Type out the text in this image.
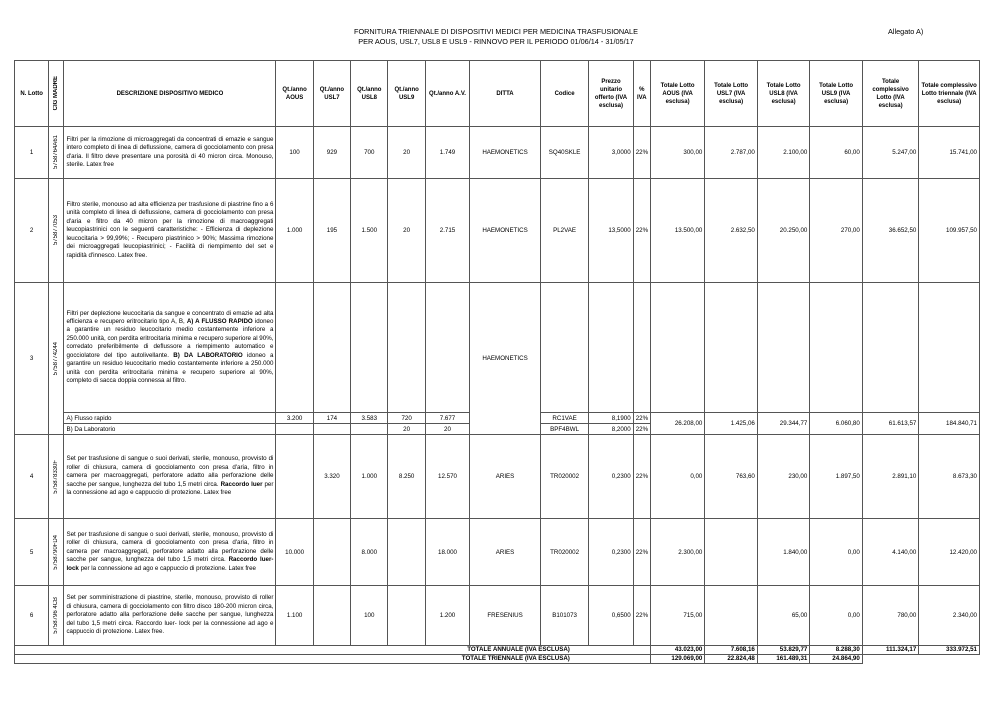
FORNITURA TRIENNALE DI DISPOSITIVI MEDICI PER MEDICINA TRASFUSIONALE
PER AOUS, USL7, USL8 E USL9 - RINNOVO PER IL PERIODO 01/06/14 - 31/05/17
Allegato A)
N. Lotto	CIG MADRE	DESCRIZIONE DISPOSITIVO MEDICO	Qt./anno AOUS	Qt./anno USL7	Qt./anno USL8	Qt./anno USL9	Qt./anno A.V.	DITTA	Codice	Prezzo unitario offerto (IVA esclusa)	% IVA	Totale Lotto AOUS (IVA esclusa)	Totale Lotto USL7 (IVA esclusa)	Totale Lotto USL8 (IVA esclusa)	Totale Lotto USL9 (IVA esclusa)	Totale complessivo Lotto (IVA esclusa)	Totale complessivo Lotto triennale (IVA esclusa)
1	5758764A61	Filtri per la rimozione di microaggregati da concentrati di emazie e sangue intero completo di linea di deflussione, camera di gocciolamento con presa d'aria. Il filtro deve presentare una porosità di 40 micron circa. Monouso, sterile. Latex free	100	929	700	20	1.749	HAEMONETICS	SQ40SKLE	3,0000	22%	300,00	2.787,00	2.100,00	60,00	5.247,00	15.741,00
2	575877053	Filtro sterile, monouso ad alta efficienza per trasfusione di piastrine fino a 6 unità completo di linea di deflussione, camera di gocciolamento con presa d'aria e filtro da 40 micron per la rimozione di macroaggregati leucopiastrinici con le seguenti caratteristiche: - Efficienza di deplezione leucocitaria > 99,99%; - Recupero piastrinico > 90%; Massima rimozione dei microaggregati leucopiastrinici; - Facilità di riempimento del set e rapidità d'innesco. Latex free.	1.000	195	1.500	20	2.715	HAEMONETICS	PL2VAE	13,5000	22%	13.500,00	2.632,50	20.250,00	270,00	36.652,50	109.957,50
3	5758774244	Filtri per deplezione leucocitaria da sangue e concentrato di emazie ad alta efficienza e recupero eritrocitario tipo A, B, A) A FLUSSO RAPIDO idoneo a garantire un residuo leucocitario medio costantemente inferiore a 250.000 unità, con perdita eritrocitaria minima e recupero superiore al 90%, corredato preferibilmente di deflussore a riempimento automatico e gocciolatore del tipo autolivellante. B) DA LABORATORIO idoneo a garantire un residuo leucocitario medio costantemente inferiore a 250.000 unità con perdita eritrocitaria minima e recupero superiore al 90%, completo di sacca doppia connessa al filtro.						HAEMONETICS									
		A) Flusso rapido	3.200	174	3.583	720	7.677		RC1VAE	8,1900	22%	26.208,00	1.425,06	29.344,77	6.060,80	61.613,57	184.840,71
		B) Da Laboratorio				20	20		BPF4BWL	8,2000	22%						
4	575878330F	Set per trasfusione di sangue o suoi derivati, sterile, monouso, provvisto di roller di chiusura, camera di gocciolamento con presa d'aria, filtro in camera per macroaggregati, perforatore adatto alla perforazione delle sacche per sangue, lunghezza del tubo 1,5 metri circa. Raccordo luer per la connessione ad ago e cappuccio di protezione. Latex free		3.320	1.000	8.250	12.570	ARIES	TR020002	0,2300	22%	0,00	763,60	230,00	1.897,50	2.891,10	8.673,30
5	5758790FD4	Set per trasfusione di sangue o suoi derivati, sterile, monouso, provvisto di roller di chiusura, camera di gocciolamento con presa d'aria, filtro in camera per macroaggregati, perforatore adatto alla perforazione delle sacche per sangue, lunghezza del tubo 1,5 metri circa. Raccordo luer- lock per la connessione ad ago e cappuccio di protezione. Latex free	10.000		8.000		18.000	ARIES	TR020002	0,2300	22%	2.300,00		1.840,00	0,00	4.140,00	12.420,00
6	5758796 4CB	Set per somministrazione di piastrine, sterile, monouso, provvisto di roller di chiusura, camera di gocciolamento con filtro disco 180-200 micron circa, perforatore adatto alla perforazione delle sacche per sangue, lunghezza del tubo 1,5 metri circa. Raccordo luer- lock per la connessione ad ago e cappuccio di protezione. Latex free.	1.100		100		1.200	FRESENIUS	B101073	0,6500	22%	715,00		65,00	0,00	780,00	2.340,00
TOTALE ANNUALE (IVA ESCLUSA)												43.023,00	7.608,16	53.829,77	8.288,30	111.324,17	333.972,51
TOTALE TRIENNALE (IVA ESCLUSA)												129.069,00	22.824,48	161.489,31	24.864,90		
